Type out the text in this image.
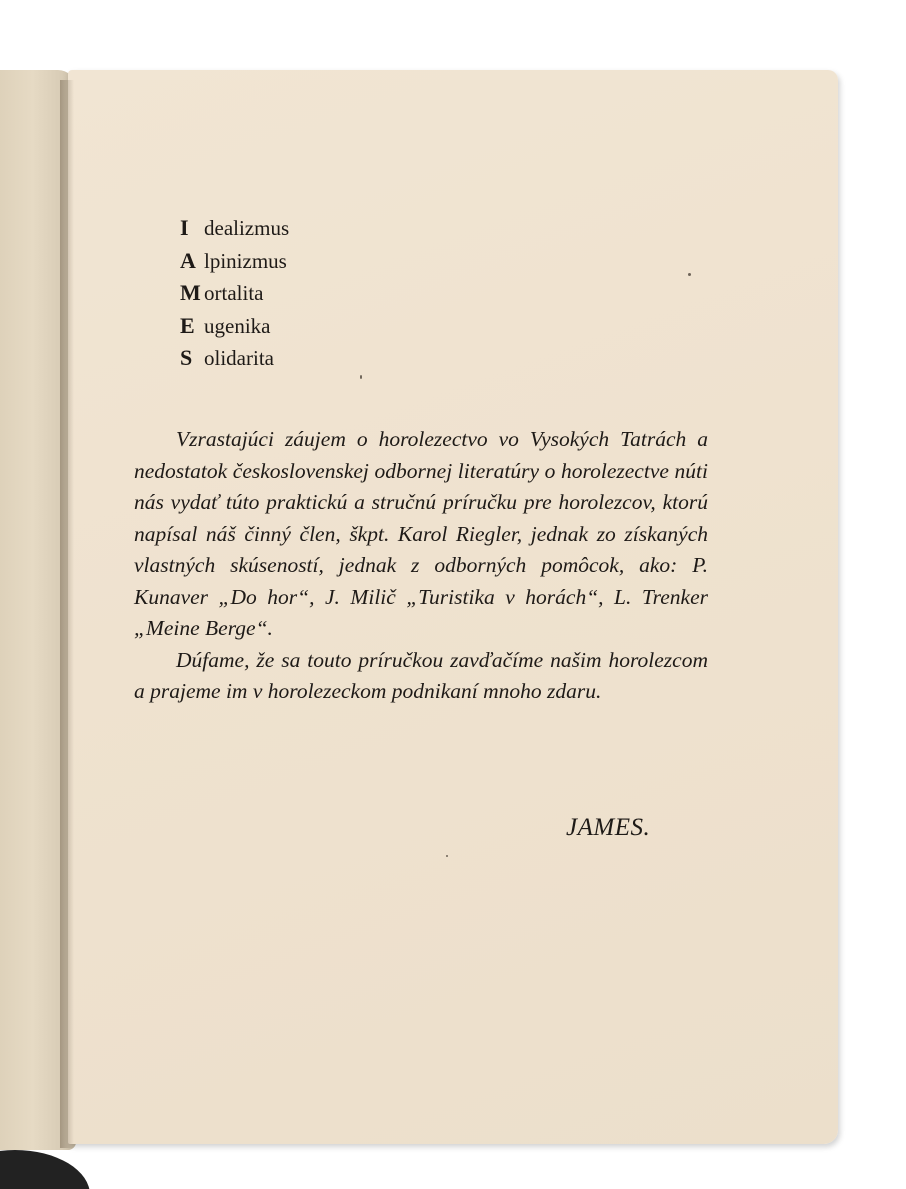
I dealizmus
A lpinizmus
M ortalita
E ugenika
S olidarita

Vzrastajúci záujem o horolezectvo vo Vysokých Tatrách a nedostatok československej odbornej literatúry o horolezectve núti nás vydať túto praktickú a stručnú príručku pre horolezcov, ktorú napísal náš činný člen, škpt. Karol Riegler, jednak zo získaných vlastných skúseností, jednak z odborných pomôcok, ako: P. Kunaver „Do hor“, J. Milič „Turistika v horách“, L. Trenker „Meine Berge“.

Dúfame, že sa touto príručkou zavďačíme našim horolezcom a prajeme im v horolezeckom podnikaní mnoho zdaru.

JAMES.
